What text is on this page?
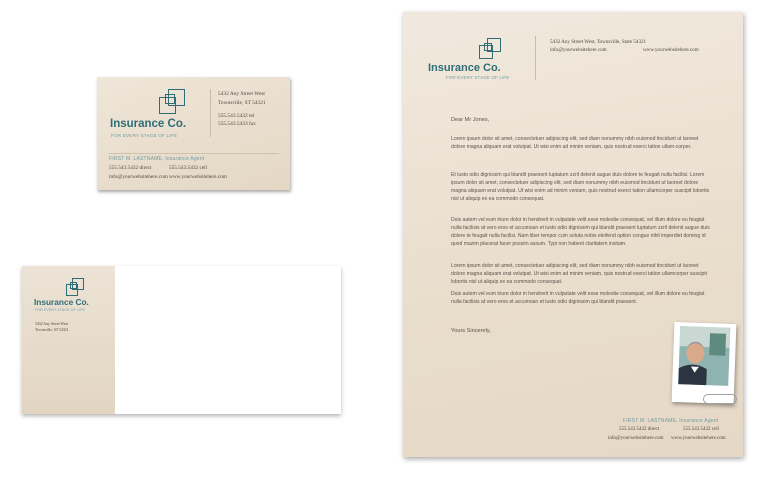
Insurance Co.
FOR EVERY STAGE OF LIFE
5432 Any Street West
Townsville, ST 54321
555.543.5432 tel
555.543.5433 fax
FIRST M. LASTNAME, Insurance Agent
555.543.5432 direct	555.543.5432 cell
info@yourwebsitehere.com www.yourwebsitehere.com
Insurance Co.
FOR EVERY STAGE OF LIFE
5432 Any Street West
Townsville, ST 54321
Insurance Co.
FOR EVERY STAGE OF LIFE
5432 Any Street West, Townsville, State 54321
info@yourwebsitehere.com	www.yourwebsitehere.com
Dear Mr Jones,
Lorem ipsum dolor sit amet, consectetuer adipiscing elit, sed diam nonummy nibh euismod tincidunt ut laoreet dolore magna aliquam erat volutpat. Ut wisi enim ad minim veniam, quis nostrud exerci tation ullam-corper.
Et iusto odio dignissim qui blandit praesent luptatum zzril delenit augue duis dolore te feugait nulla facilisi. Lorem ipsum dolor sit amet, consectetuer adipiscing elit, sed diam nonummy nibh euismod tincidunt ut laoreet dolore magna aliquam erat volutpat. Ut wisi enim ad minim veniam, quis nostrud exerci tation ullamcorper suscipit lobortis nisl ut aliquip ex ea commodo consequat.
Duis autem vel eum iriure dolor in hendrerit in vulputate velit esse molestie consequat, vel illum dolore eu feugiat nulla facilisis at vero eros et accumsan et iusto odio dignissim qui blandit praesent luptatum zzril delenit augue duis dolore te feugait nulla facilisi. Nam liber tempor cum soluta nobis eleifend option congue nihil imperdiet doming id quod mazim placerat facer possim assum. Typi non habent claritatem insitam.
Lorem ipsum dolor sit amet, consectetuer adipiscing elit, sed diam nonummy nibh euismod tincidunt ut laoreet dolore magna aliquam erat volutpat. Ut wisi enim ad minim veniam, quis nostrud exerci tation ullamcorper suscipit lobortis nisl ut aliquip ex ea commodo consequat.
Duis autem vel eum iriure dolor in hendrerit in vulputate velit esse molestie consequat, vel illum dolore eu feugiat nulla facilisis at vero eros et accumsan et iusto odio dignissim qui blandit praesent.
Yours Sincerely,
FIRST M. LASTNAME, Insurance Agent
555.543.5432 direct	555.543.5432 cell
info@yourwebsitehere.com www.yourwebsitehere.com
